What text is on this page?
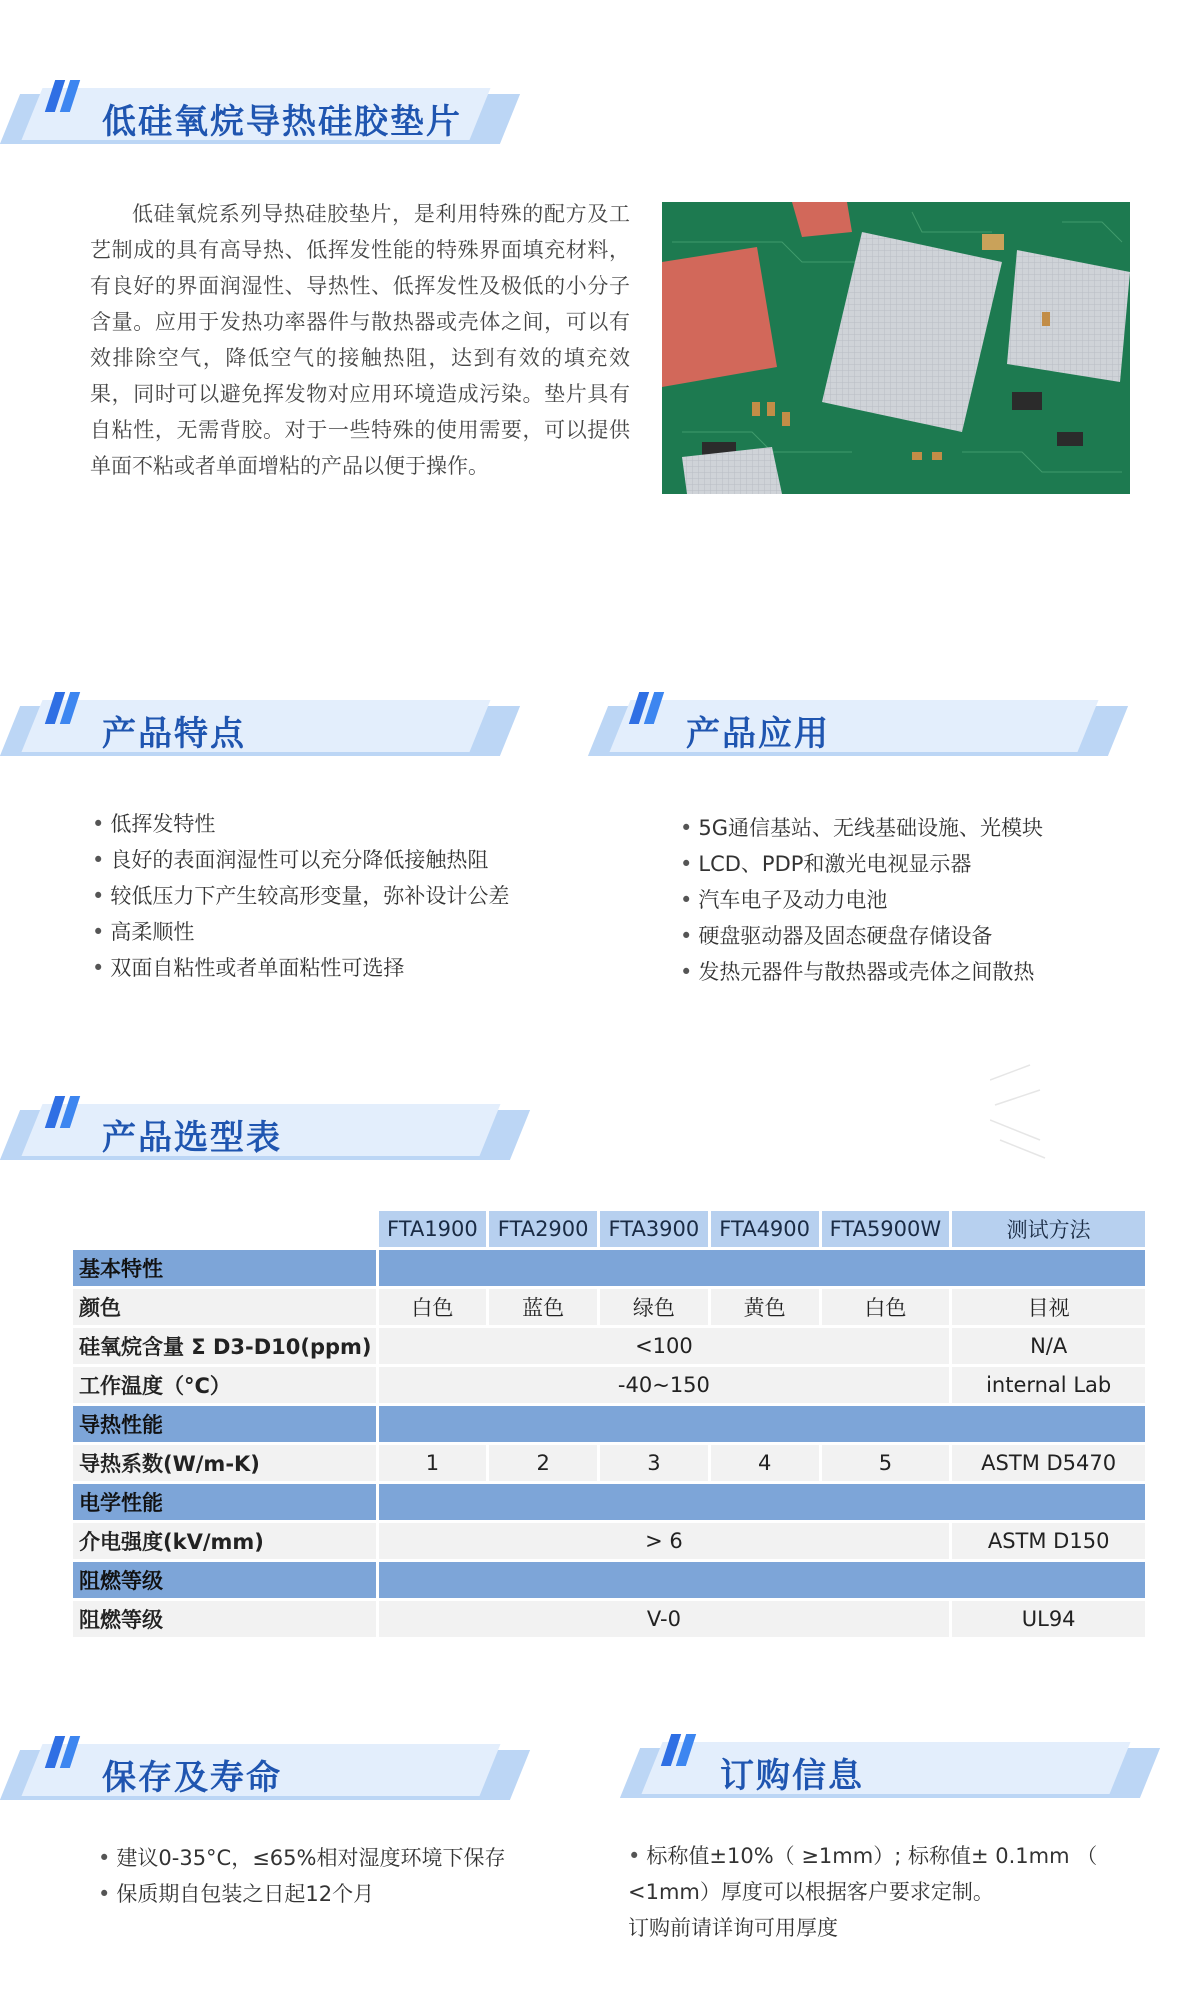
低硅氧烷导热硅胶垫片
低硅氧烷系列导热硅胶垫片，是利用特殊的配方及工艺制成的具有高导热、低挥发性能的特殊界面填充材料，有良好的界面润湿性、导热性、低挥发性及极低的小分子含量。应用于发热功率器件与散热器或壳体之间，可以有效排除空气，降低空气的接触热阻，达到有效的填充效果，同时可以避免挥发物对应用环境造成污染。垫片具有自粘性，无需背胶。对于一些特殊的使用需要，可以提供单面不粘或者单面增粘的产品以便于操作。
产品特点
• 低挥发特性
• 良好的表面润湿性可以充分降低接触热阻
• 较低压力下产生较高形变量，弥补设计公差
• 高柔顺性
• 双面自粘性或者单面粘性可选择
产品应用
• 5G通信基站、无线基础设施、光模块
• LCD、PDP和激光电视显示器
• 汽车电子及动力电池
• 硬盘驱动器及固态硬盘存储设备
• 发热元器件与散热器或壳体之间散热
产品选型表
	FTA1900	FTA2900	FTA3900	FTA4900	FTA5900W	测试方法
基本特性						
颜色	白色	蓝色	绿色	黄色	白色	目视
硅氧烷含量 Σ D3-D10(ppm)	<100					N/A
工作温度（°C）	-40~150					internal Lab
导热性能						
导热系数(W/m-K)	1	2	3	4	5	ASTM D5470
电学性能						
介电强度(kV/mm)	> 6					ASTM D150
阻燃等级						
阻燃等级	V-0					UL94
保存及寿命
• 建议0-35°C，≤65%相对湿度环境下保存
• 保质期自包装之日起12个月
订购信息
• 标称值±10%（ ≥1mm）; 标称值± 0.1mm （ <1mm）厚度可以根据客户要求定制。
订购前请详询可用厚度
